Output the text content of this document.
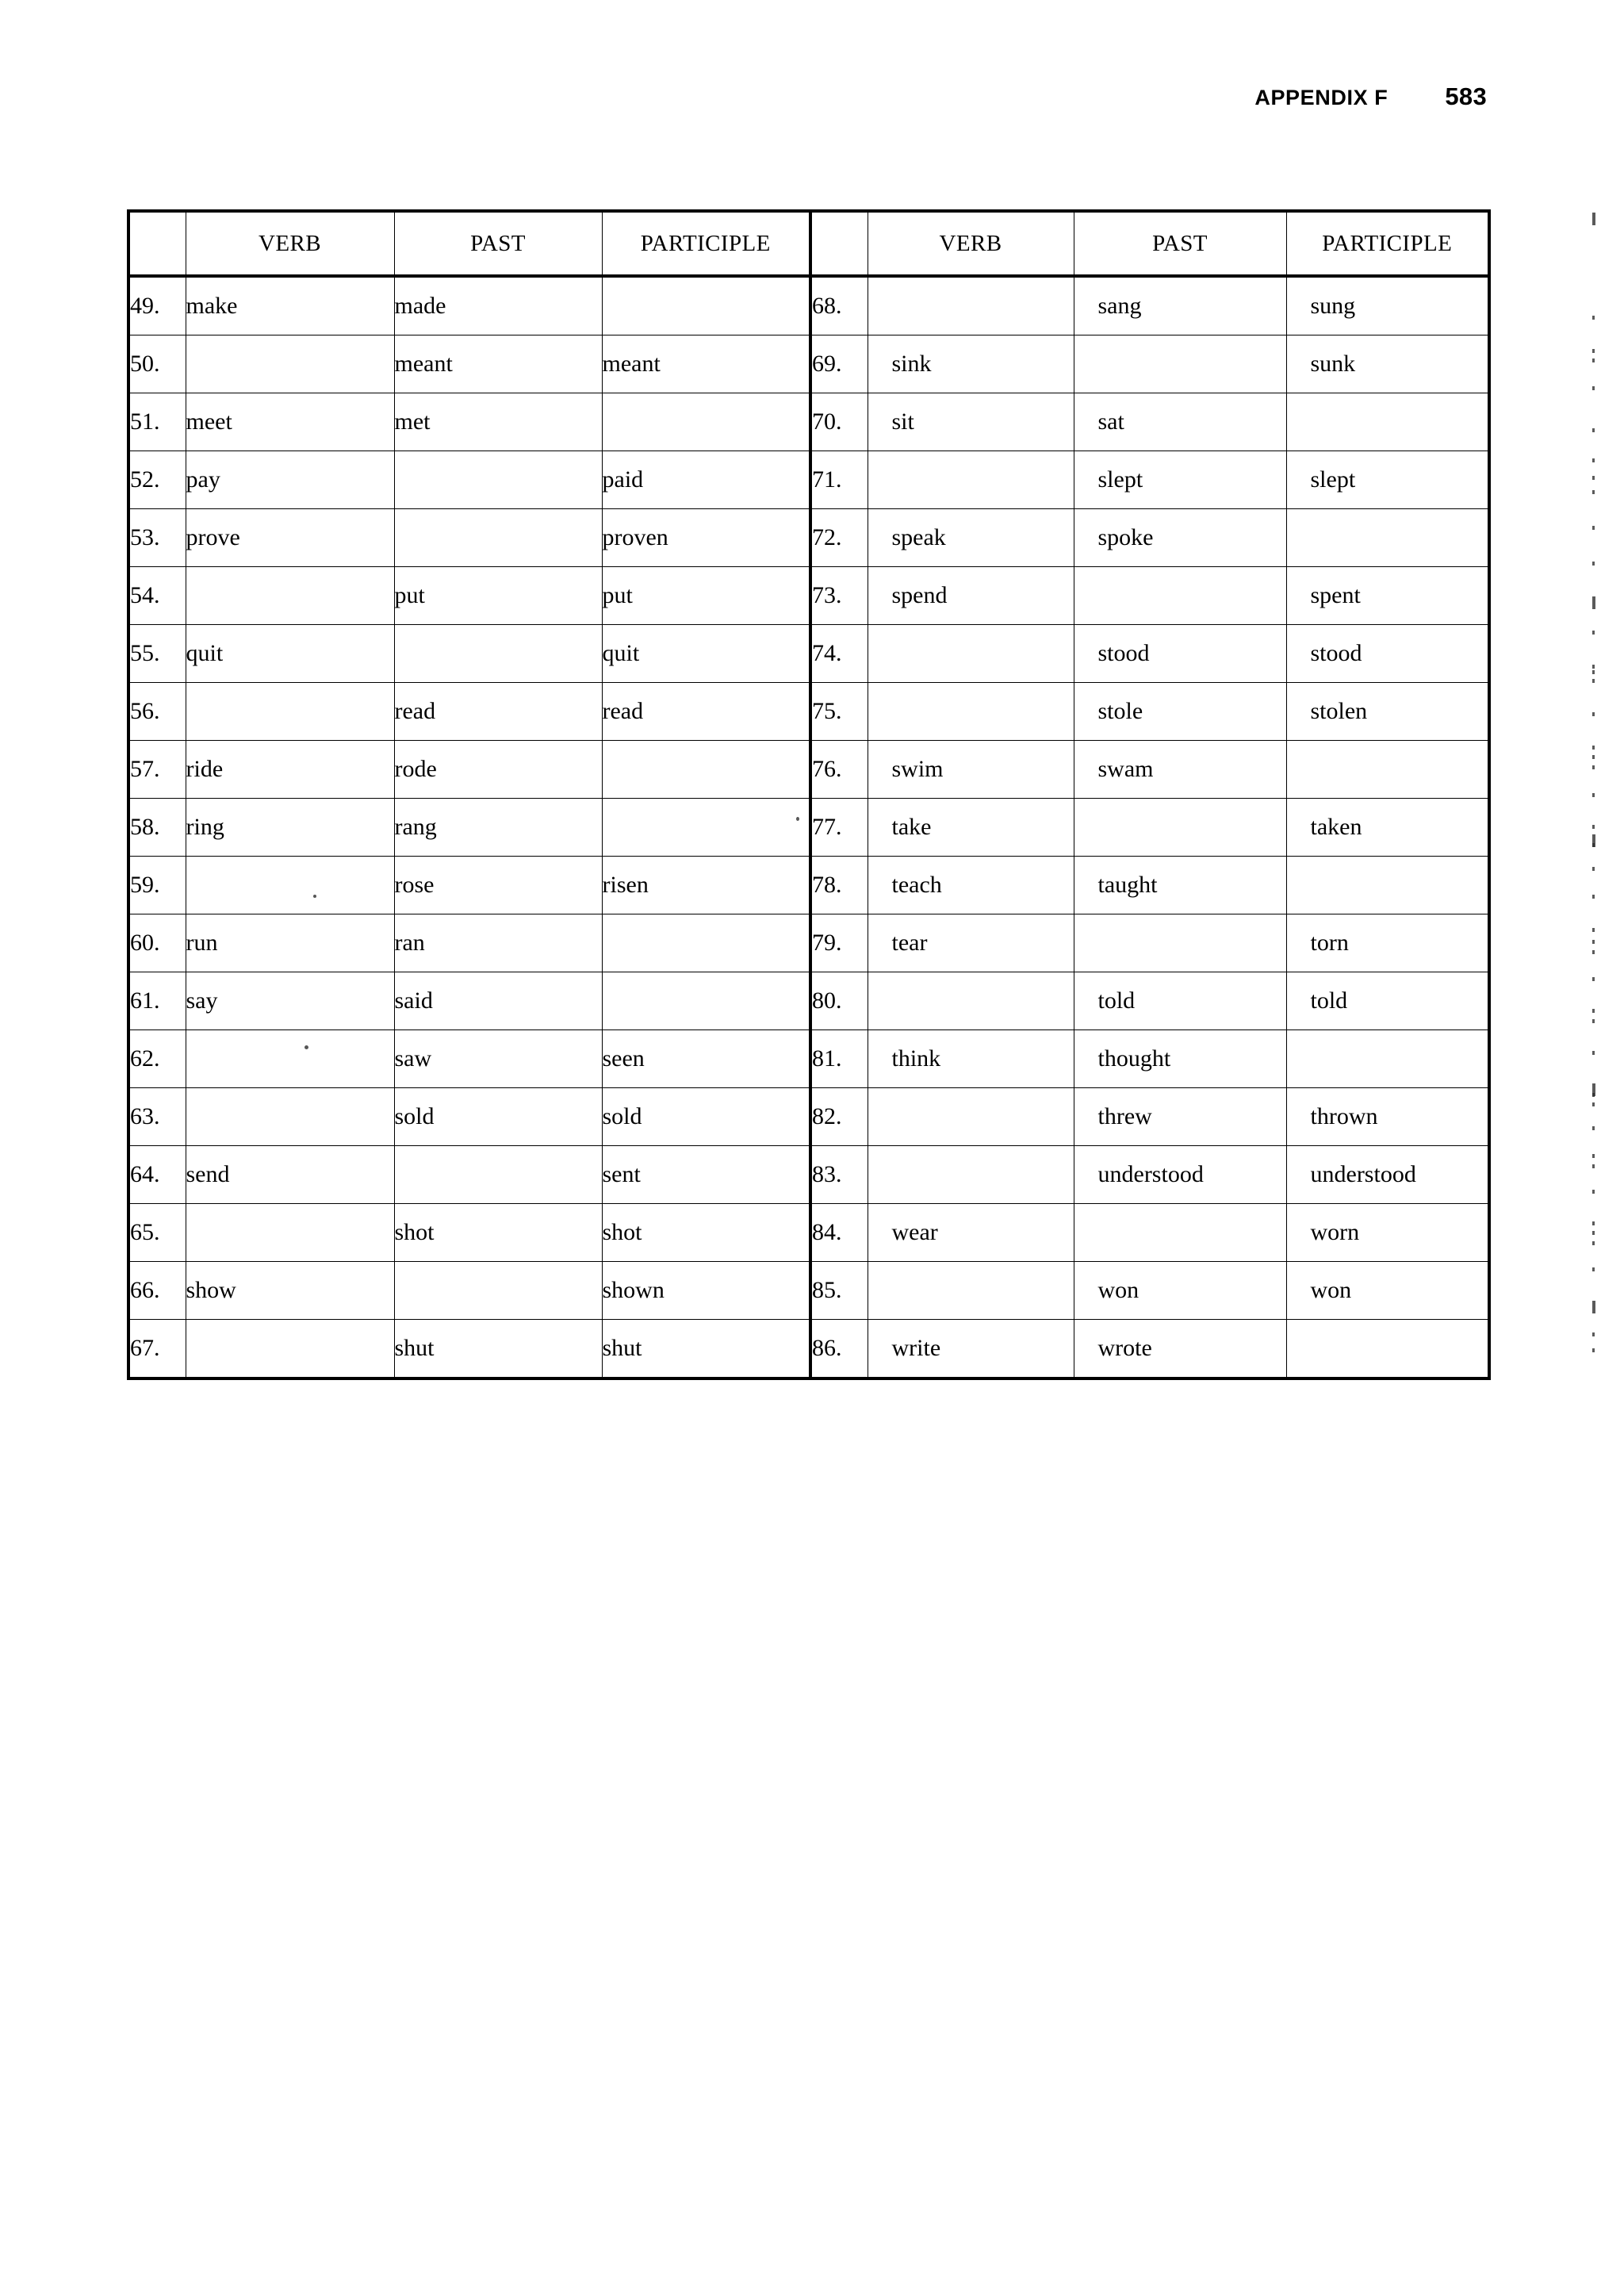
APPENDIX F 583
	VERB	PAST	PARTICIPLE		VERB	PAST	PARTICIPLE
49.	make	made		68.		sang	sung
50.		meant	meant	69.	sink		sunk
51.	meet	met		70.	sit	sat	
52.	pay		paid	71.		slept	slept
53.	prove		proven	72.	speak	spoke	
54.		put	put	73.	spend		spent
55.	quit		quit	74.		stood	stood
56.		read	read	75.		stole	stolen
57.	ride	rode		76.	swim	swam	
58.	ring	rang		77.	take		taken
59.		rose	risen	78.	teach	taught	
60.	run	ran		79.	tear		torn
61.	say	said		80.		told	told
62.		saw	seen	81.	think	thought	
63.		sold	sold	82.		threw	thrown
64.	send		sent	83.		understood	understood
65.		shot	shot	84.	wear		worn
66.	show		shown	85.		won	won
67.		shut	shut	86.	write	wrote	
